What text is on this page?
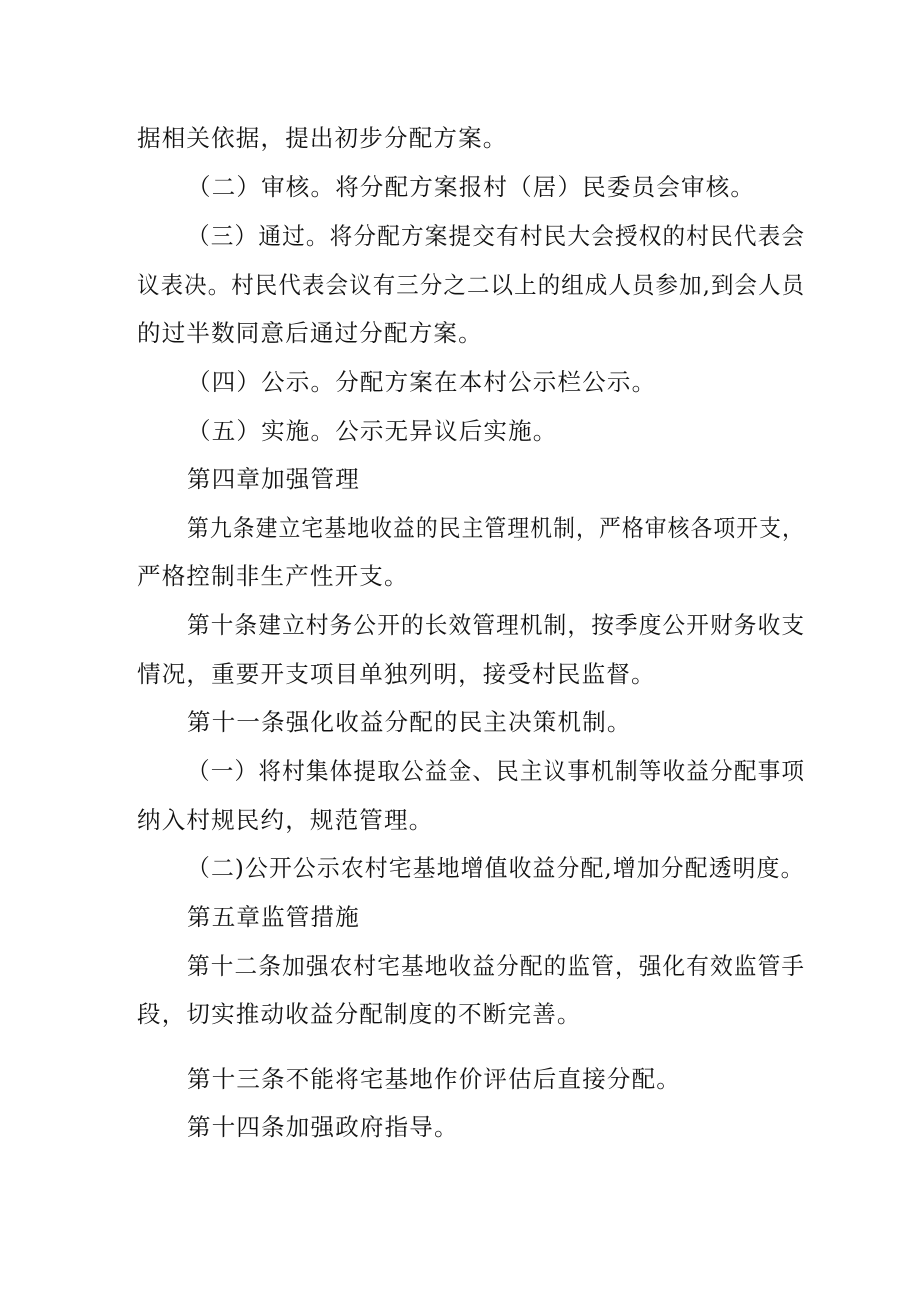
据相关依据，提出初步分配方案。
（二）审核。将分配方案报村（居）民委员会审核。
（三）通过。将分配方案提交有村民大会授权的村民代表会
议表决。村民代表会议有三分之二以上的组成人员参加,到会人员
的过半数同意后通过分配方案。
（四）公示。分配方案在本村公示栏公示。
（五）实施。公示无异议后实施。
第四章加强管理
第九条建立宅基地收益的民主管理机制，严格审核各项开支，
严格控制非生产性开支。
第十条建立村务公开的长效管理机制，按季度公开财务收支
情况，重要开支项目单独列明，接受村民监督。
第十一条强化收益分配的民主决策机制。
（一）将村集体提取公益金、民主议事机制等收益分配事项
纳入村规民约，规范管理。
（二)公开公示农村宅基地增值收益分配,增加分配透明度。
第五章监管措施
第十二条加强农村宅基地收益分配的监管，强化有效监管手
段，切实推动收益分配制度的不断完善。
第十三条不能将宅基地作价评估后直接分配。
第十四条加强政府指导。
